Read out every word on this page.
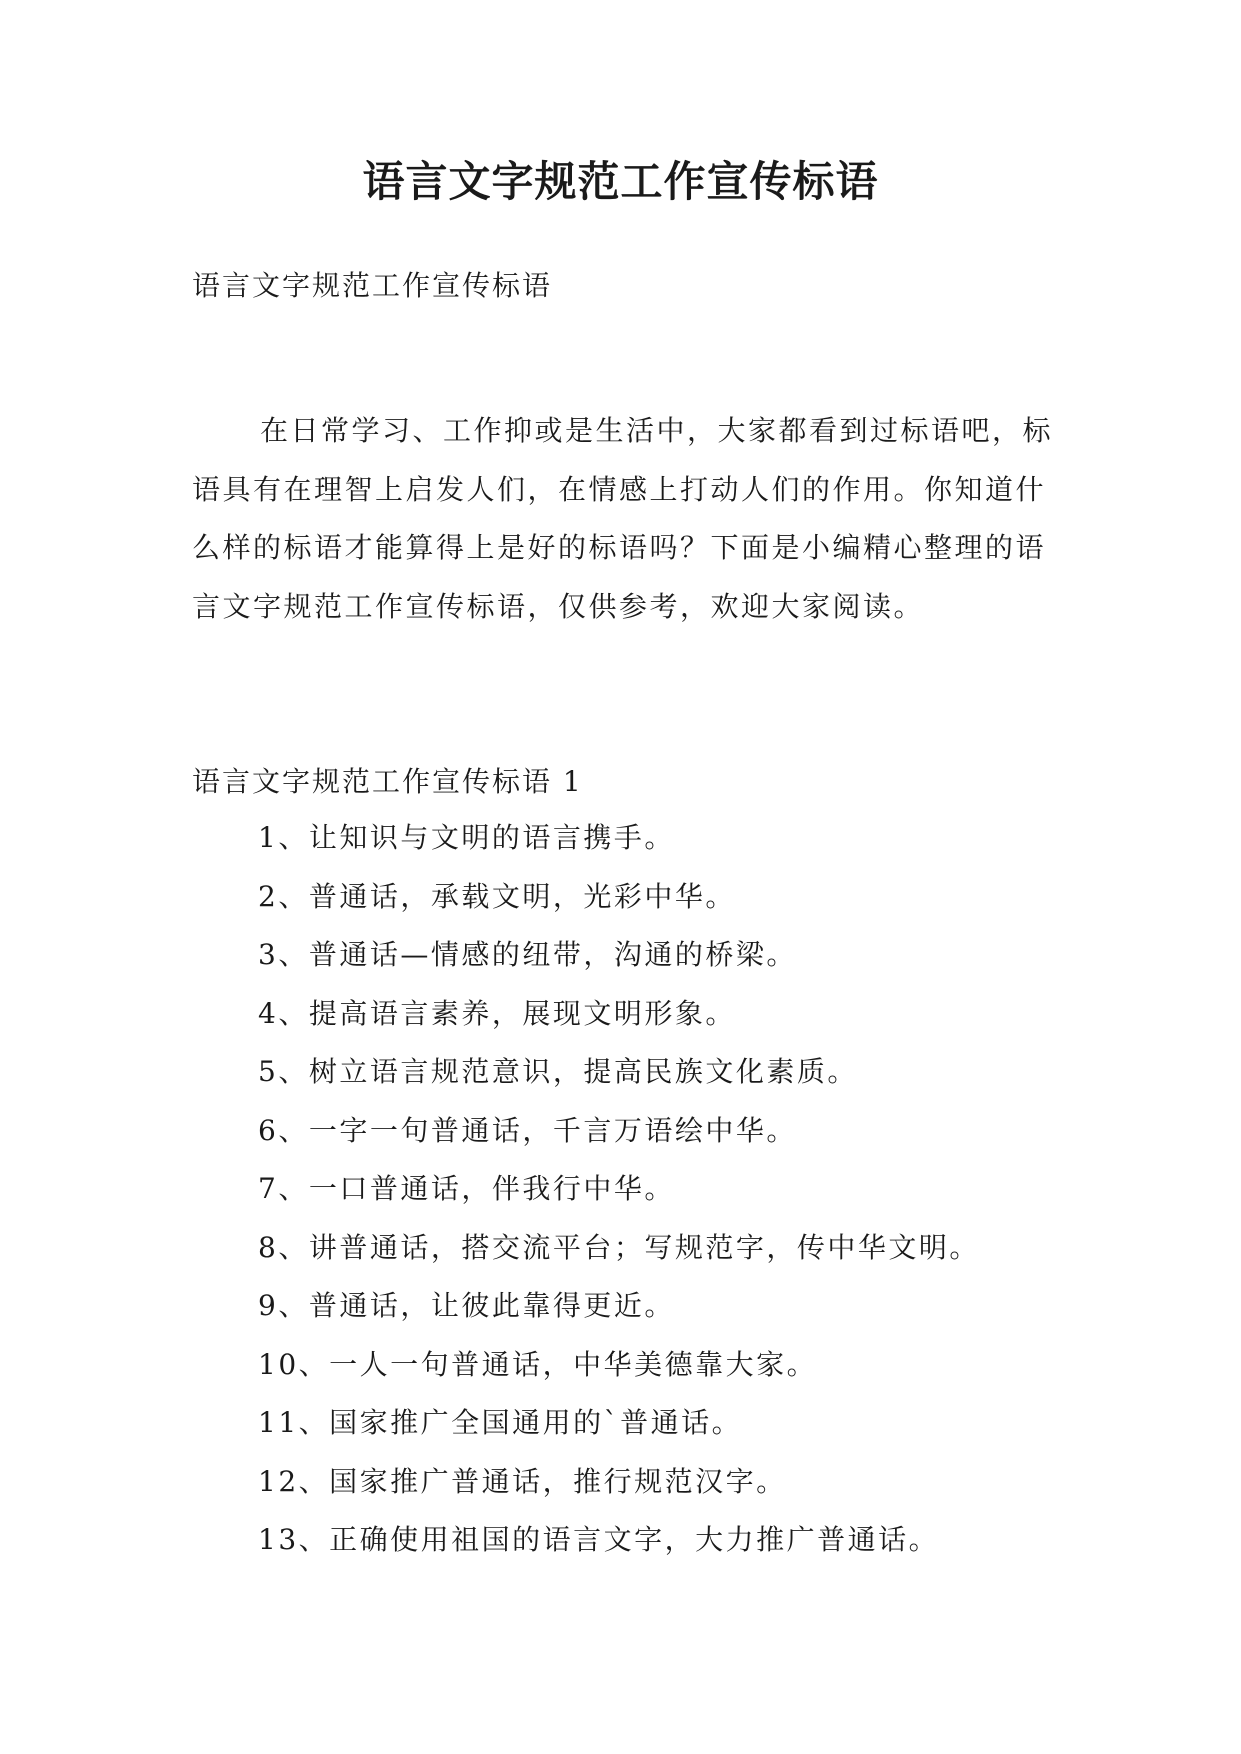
语言文字规范工作宣传标语
语言文字规范工作宣传标语

在日常学习、工作抑或是生活中，大家都看到过标语吧，标语具有在理智上启发人们，在情感上打动人们的作用。你知道什么样的标语才能算得上是好的标语吗？下面是小编精心整理的语言文字规范工作宣传标语，仅供参考，欢迎大家阅读。

语言文字规范工作宣传标语 1
1、让知识与文明的语言携手。
2、普通话，承载文明，光彩中华。
3、普通话—情感的纽带，沟通的桥梁。
4、提高语言素养，展现文明形象。
5、树立语言规范意识，提高民族文化素质。
6、一字一句普通话，千言万语绘中华。
7、一口普通话，伴我行中华。
8、讲普通话，搭交流平台；写规范字，传中华文明。
9、普通话，让彼此靠得更近。
10、一人一句普通话，中华美德靠大家。
11、国家推广全国通用的`普通话。
12、国家推广普通话，推行规范汉字。
13、正确使用祖国的语言文字，大力推广普通话。
